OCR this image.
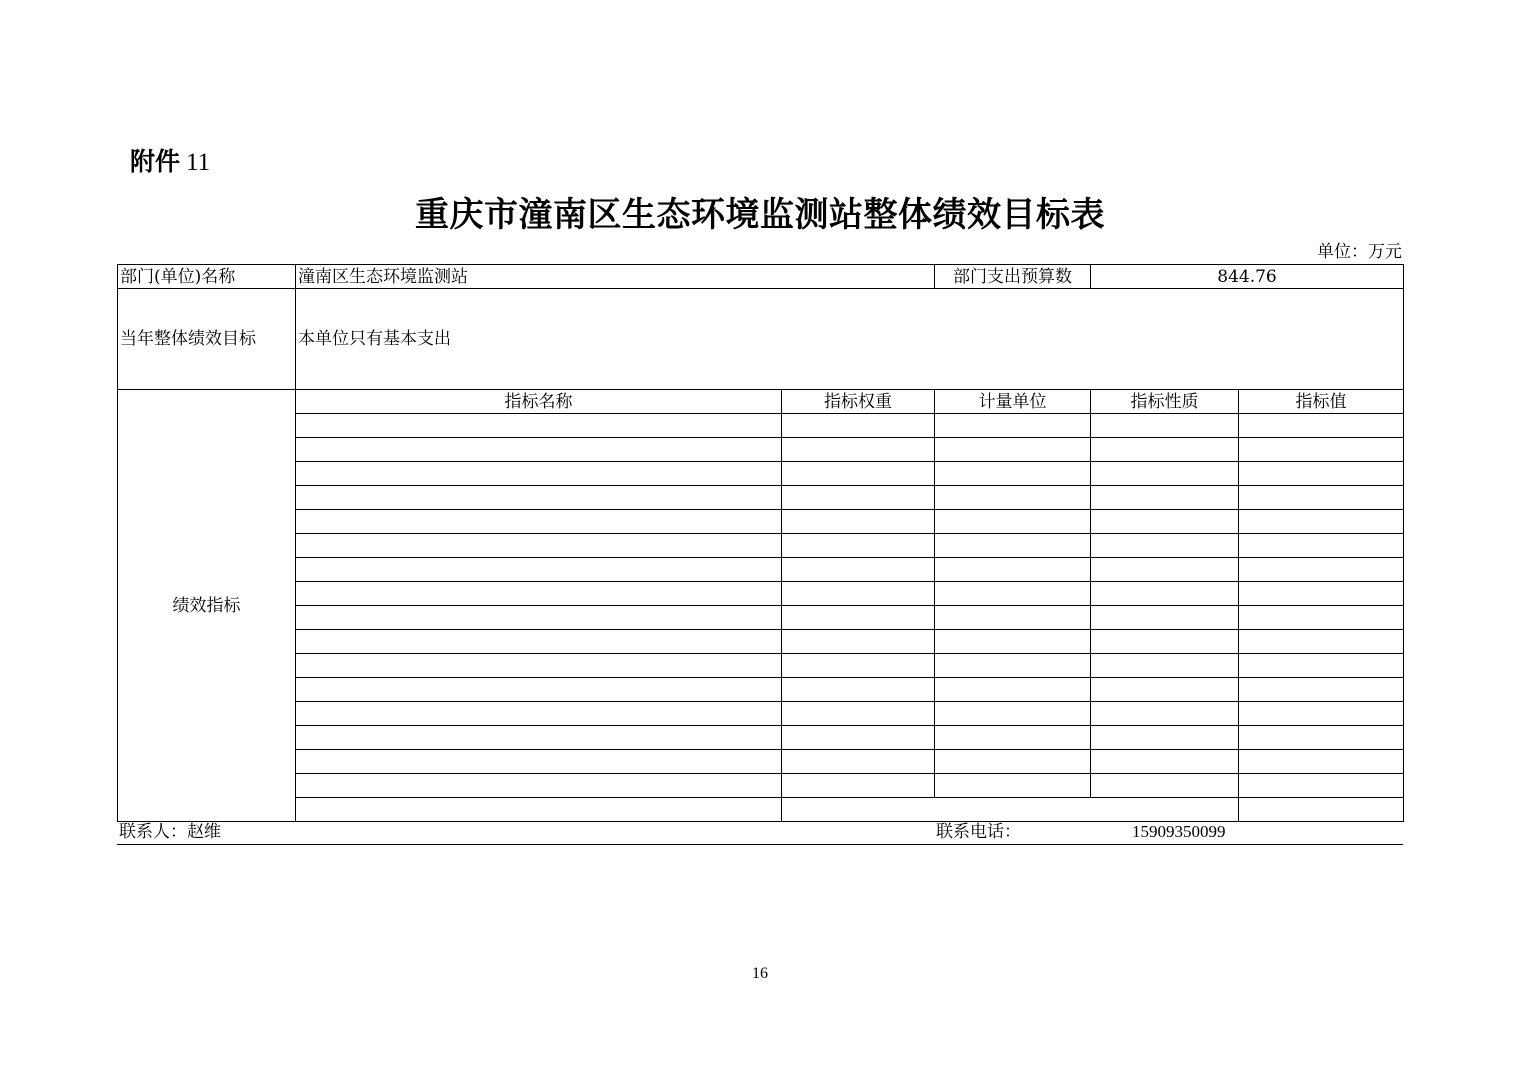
附件 11
重庆市潼南区生态环境监测站整体绩效目标表
单位：万元
部门(单位)名称	潼南区生态环境监测站		部门支出预算数	844.76	
当年整体绩效目标	本单位只有基本支出				
绩效指标	指标名称	指标权重	计量单位	指标性质	指标值

联系人：赵维	联系电话：	15909350099
16
